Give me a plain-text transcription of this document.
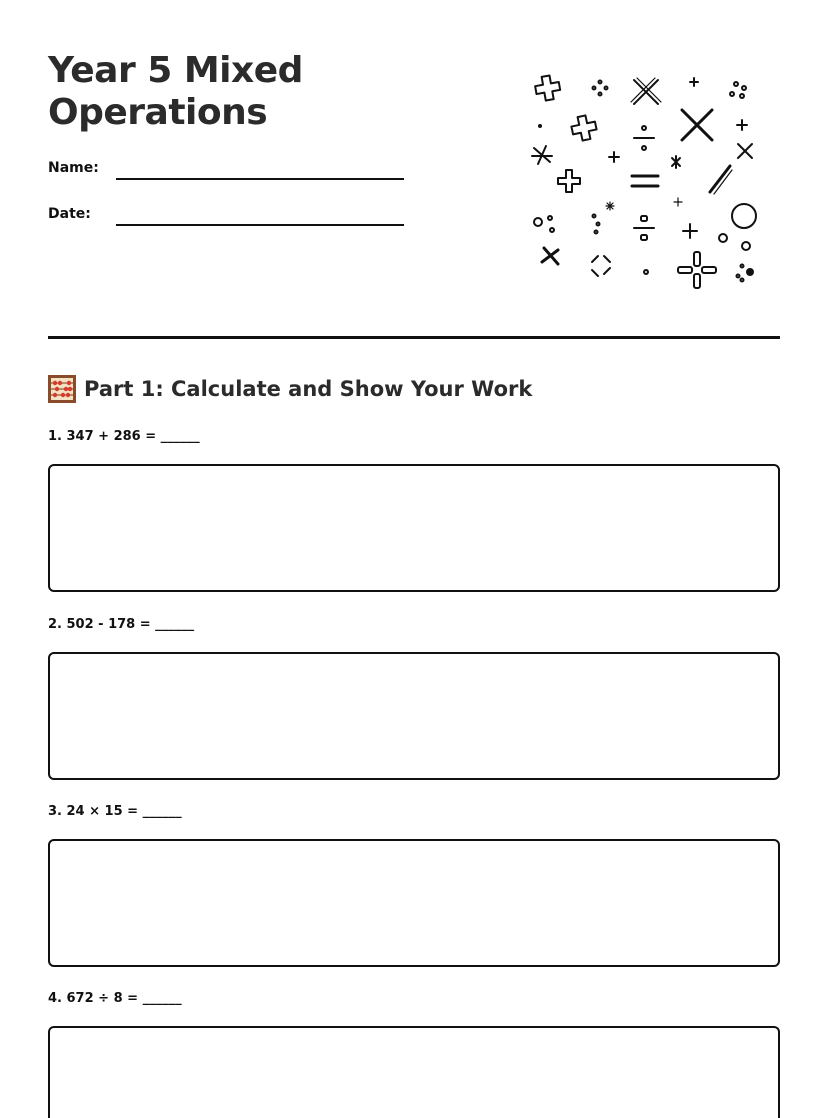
Year 5 Mixed Operations
Name:
Date:
Part 1: Calculate and Show Your Work
1. 347 + 286 = ______
2. 502 - 178 = ______
3. 24 × 15 = ______
4. 672 ÷ 8 = ______
